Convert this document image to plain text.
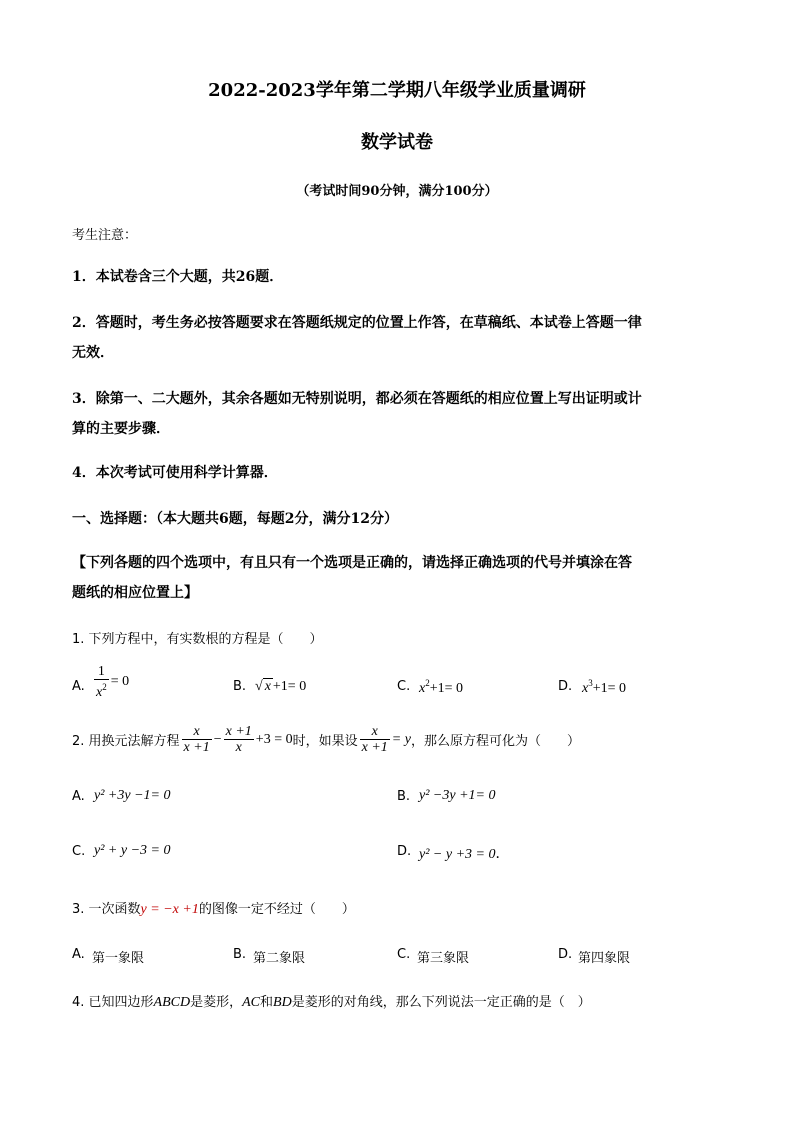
2022-2023学年第二学期八年级学业质量调研
数学试卷
（考试时间90分钟，满分100分）
考生注意：
1．本试卷含三个大题，共26题．
2．答题时，考生务必按答题要求在答题纸规定的位置上作答，在草稿纸、本试卷上答题一律
无效．
3．除第一、二大题外，其余各题如无特别说明，都必须在答题纸的相应位置上写出证明或计
算的主要步骤．
4．本次考试可使用科学计算器．
一、选择题：（本大题共6题，每题2分，满分12分）
【下列各题的四个选项中，有且只有一个选项是正确的，请选择正确选项的代号并填涂在答
题纸的相应位置上】
1. 下列方程中，有实数根的方程是（　　）
A. $\frac{1}{x^2} = 0$	B. √ x +1= 0	C. $x^2+1= 0$	D. $x^3+1= 0$
2. 用换元法解方程 $\frac{x}{x +1} - \frac{x +1}{x} +3 = 0$ 时，如果设 $\frac{x}{x +1} = y$ ，那么原方程可化为（　　）
A. y² +3y −1= 0	B. y² −3y +1= 0
C. y² + y −3 = 0	D. y² − y +3 = 0．
3. 一次函数y = −x +1的图像一定不经过（　　）
A. 第一象限	B. 第二象限	C. 第三象限	D. 第四象限
4. 已知四边形ABCD是菱形，AC和BD是菱形的对角线，那么下列说法一定正确的是（　）
